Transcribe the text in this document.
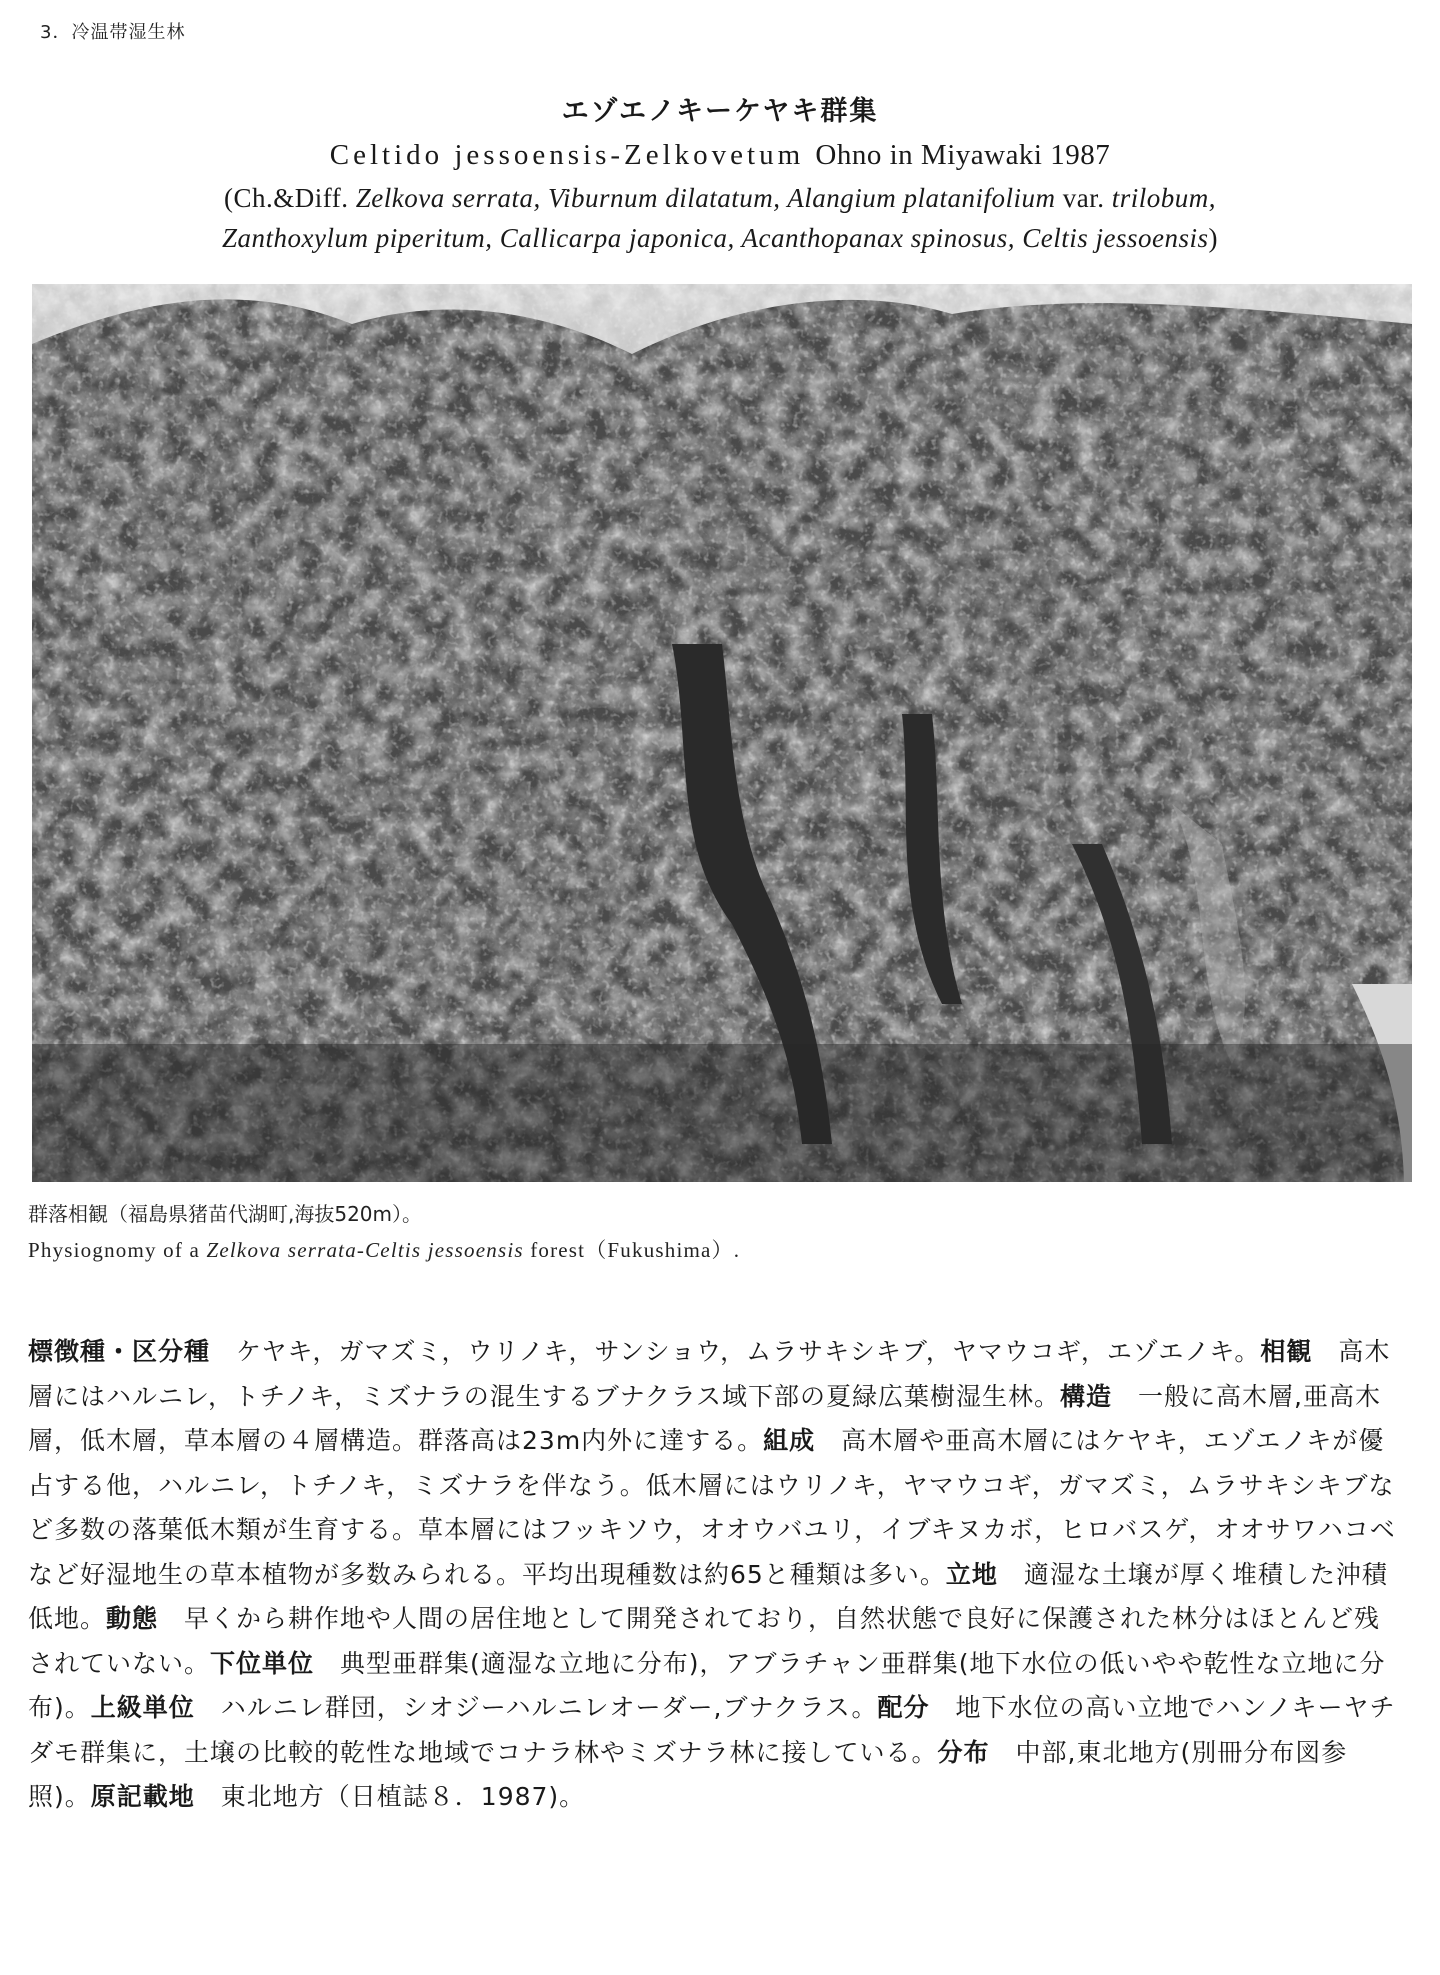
3．冷温帯湿生林
エゾエノキーケヤキ群集
Celtido jessoensis-Zelkovetum Ohno in Miyawaki 1987
(Ch.&Diff. Zelkova serrata, Viburnum dilatatum, Alangium platanifolium var. trilobum,
Zanthoxylum piperitum, Callicarpa japonica, Acanthopanax spinosus, Celtis jessoensis)
群落相観（福島県猪苗代湖町,海抜520m）。
Physiognomy of a Zelkova serrata-Celtis jessoensis forest（Fukushima）.
標徴種・区分種　ケヤキ，ガマズミ，ウリノキ，サンショウ，ムラサキシキブ，ヤマウコギ，エゾエノキ。相観　高木層にはハルニレ，トチノキ，ミズナラの混生するブナクラス域下部の夏緑広葉樹湿生林。構造　一般に高木層,亜高木層，低木層，草本層の４層構造。群落高は23m内外に達する。組成　高木層や亜高木層にはケヤキ，エゾエノキが優占する他，ハルニレ，トチノキ，ミズナラを伴なう。低木層にはウリノキ，ヤマウコギ，ガマズミ，ムラサキシキブなど多数の落葉低木類が生育する。草本層にはフッキソウ，オオウバユリ，イブキヌカボ，ヒロバスゲ，オオサワハコベなど好湿地生の草本植物が多数みられる。平均出現種数は約65と種類は多い。立地　適湿な土壌が厚く堆積した沖積低地。動態　早くから耕作地や人間の居住地として開発されており，自然状態で良好に保護された林分はほとんど残されていない。下位単位　典型亜群集(適湿な立地に分布)，アブラチャン亜群集(地下水位の低いやや乾性な立地に分布)。上級単位　ハルニレ群団，シオジーハルニレオーダー,ブナクラス。配分　地下水位の高い立地でハンノキーヤチダモ群集に，土壌の比較的乾性な地域でコナラ林やミズナラ林に接している。分布　中部,東北地方(別冊分布図参照)。原記載地　東北地方（日植誌８．1987)。
